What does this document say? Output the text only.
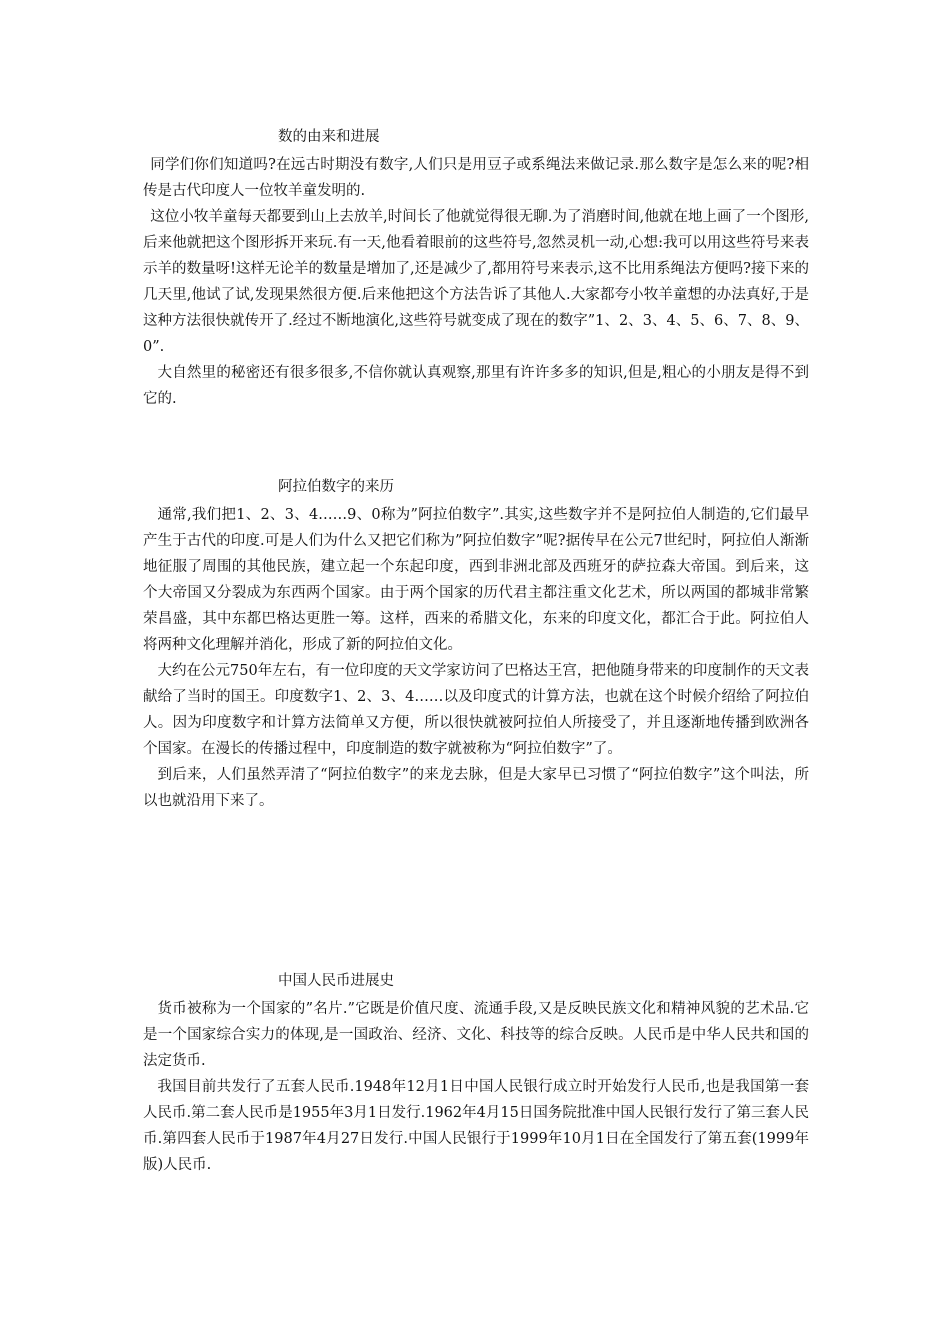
数的由来和进展

同学们你们知道吗?在远古时期没有数字,人们只是用豆子或系绳法来做记录.那么数字是怎么来的呢?相传是古代印度人一位牧羊童发明的.

这位小牧羊童每天都要到山上去放羊,时间长了他就觉得很无聊.为了消磨时间,他就在地上画了一个图形,后来他就把这个图形拆开来玩.有一天,他看着眼前的这些符号,忽然灵机一动,心想:我可以用这些符号来表示羊的数量呀!这样无论羊的数量是增加了,还是减少了,都用符号来表示,这不比用系绳法方便吗?接下来的几天里,他试了试,发现果然很方便.后来他把这个方法告诉了其他人.大家都夸小牧羊童想的办法真好,于是这种方法很快就传开了.经过不断地演化,这些符号就变成了现在的数字”1、2、3、4、5、6、7、8、9、0”.

大自然里的秘密还有很多很多,不信你就认真观察,那里有许许多多的知识,但是,粗心的小朋友是得不到它的.

阿拉伯数字的来历

通常,我们把1、2、3、4……9、0称为”阿拉伯数字”.其实,这些数字并不是阿拉伯人制造的,它们最早产生于古代的印度.可是人们为什么又把它们称为”阿拉伯数字”呢?据传早在公元7世纪时，阿拉伯人渐渐地征服了周围的其他民族，建立起一个东起印度，西到非洲北部及西班牙的萨拉森大帝国。到后来，这个大帝国又分裂成为东西两个国家。由于两个国家的历代君主都注重文化艺术，所以两国的都城非常繁荣昌盛，其中东都巴格达更胜一筹。这样，西来的希腊文化，东来的印度文化，都汇合于此。阿拉伯人将两种文化理解并消化，形成了新的阿拉伯文化。

大约在公元750年左右，有一位印度的天文学家访问了巴格达王宫，把他随身带来的印度制作的天文表献给了当时的国王。印度数字1、2、3、4……以及印度式的计算方法，也就在这个时候介绍给了阿拉伯人。因为印度数字和计算方法简单又方便，所以很快就被阿拉伯人所接受了，并且逐渐地传播到欧洲各个国家。在漫长的传播过程中，印度制造的数字就被称为“阿拉伯数字”了。

到后来，人们虽然弄清了“阿拉伯数字”的来龙去脉，但是大家早已习惯了“阿拉伯数字”这个叫法，所以也就沿用下来了。

中国人民币进展史

货币被称为一个国家的”名片.”它既是价值尺度、流通手段,又是反映民族文化和精神风貌的艺术品.它是一个国家综合实力的体现,是一国政治、经济、文化、科技等的综合反映。人民币是中华人民共和国的法定货币.

我国目前共发行了五套人民币.1948年12月1日中国人民银行成立时开始发行人民币,也是我国第一套人民币.第二套人民币是1955年3月1日发行.1962年4月15日国务院批准中国人民银行发行了第三套人民币.第四套人民币于1987年4月27日发行.中国人民银行于1999年10月1日在全国发行了第五套(1999年版)人民币.
